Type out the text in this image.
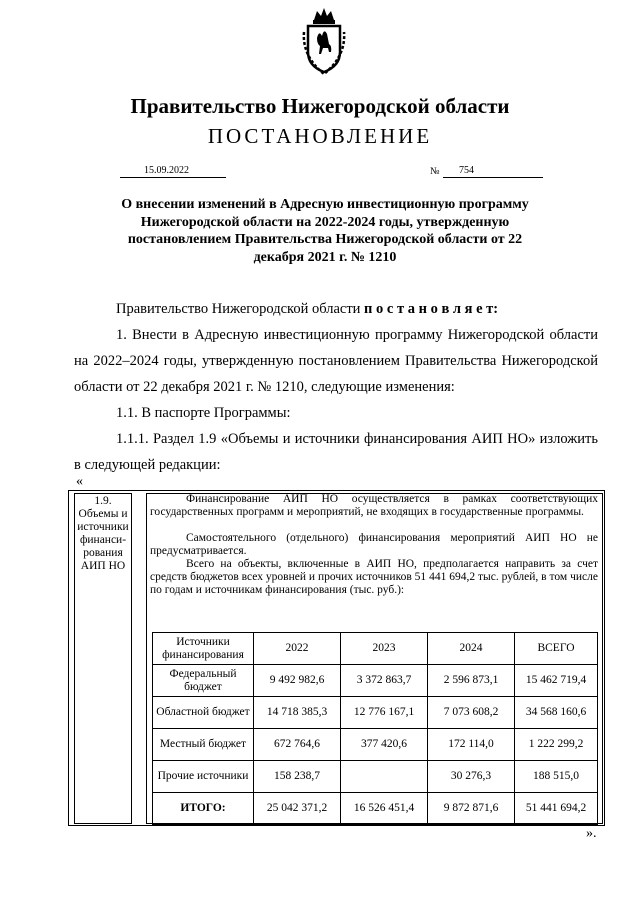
Правительство Нижегородской области
ПОСТАНОВЛЕНИЕ
15.09.2022	№	754
О внесении изменений в Адресную инвестиционную программу Нижегородской области на 2022-2024 годы, утвержденную постановлением Правительства Нижегородской области от 22 декабря 2021 г. № 1210
Правительство Нижегородской области п о с т а н о в л я е т:
1. Внести в Адресную инвестиционную программу Нижегородской области на 2022–2024 годы, утвержденную постановлением Правительства Нижегородской области от 22 декабря 2021 г. № 1210, следующие изменения:
1.1. В паспорте Программы:
1.1.1. Раздел 1.9 «Объемы и источники финансирования АИП НО» изложить в следующей редакции:
«
1.9.
Объемы и
источники
финанси-
рования
АИП НО
Финансирование АИП НО осуществляется в рамках соответствующих государственных программ и мероприятий, не входящих в государственные программы.
Самостоятельного (отдельного) финансирования мероприятий АИП НО не предусматривается.
Всего на объекты, включенные в АИП НО, предполагается направить за счет средств бюджетов всех уровней и прочих источников 51 441 694,2 тыс. рублей, в том числе по годам и источникам финансирования (тыс. руб.):
Источники финансирования	2022	2023	2024	ВСЕГО
Федеральный бюджет	9 492 982,6	3 372 863,7	2 596 873,1	15 462 719,4
Областной бюджет	14 718 385,3	12 776 167,1	7 073 608,2	34 568 160,6
Местный бюджет	672 764,6	377 420,6	172 114,0	1 222 299,2
Прочие источники	158 238,7		30 276,3	188 515,0
ИТОГО:	25 042 371,2	16 526 451,4	9 872 871,6	51 441 694,2
».
